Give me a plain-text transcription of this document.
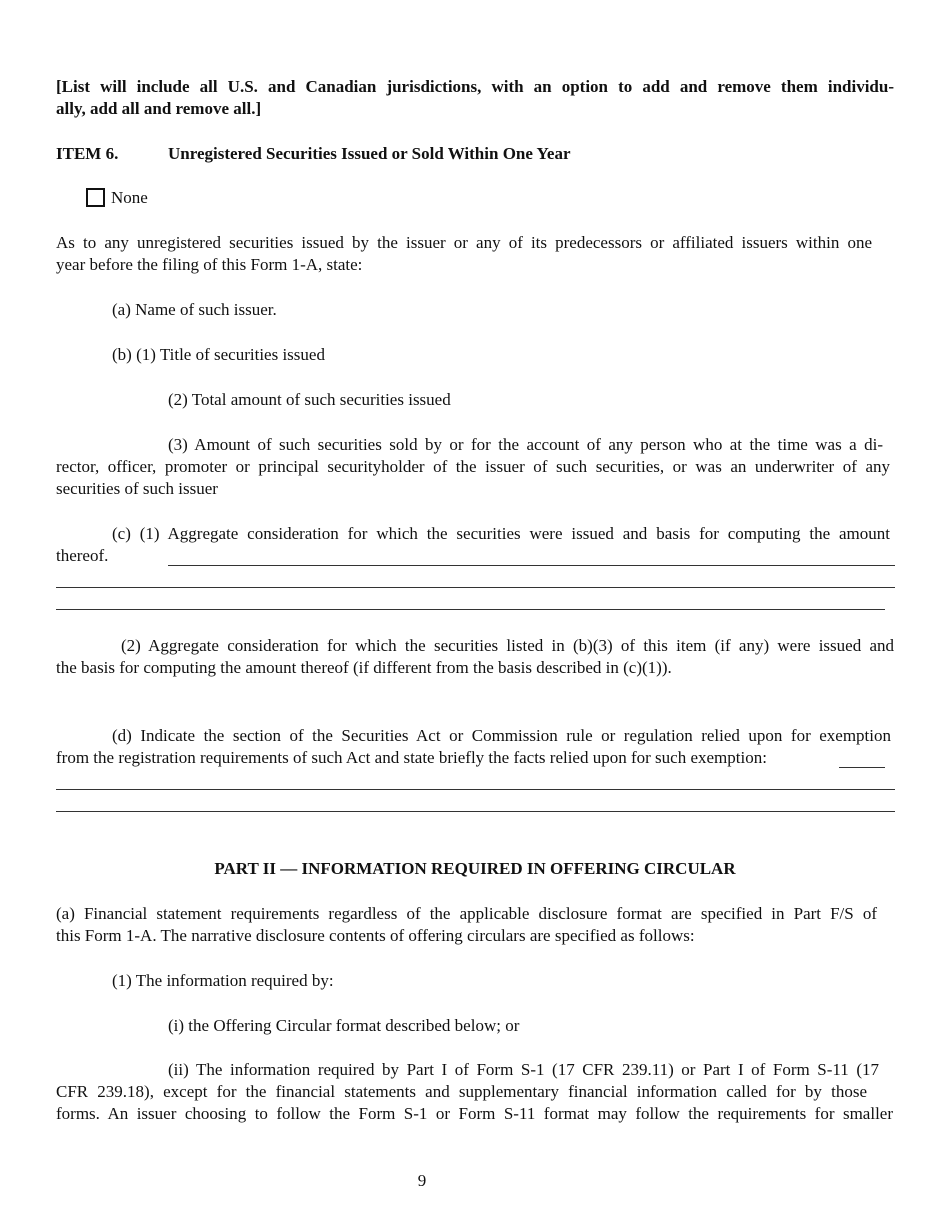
[List will include all U.S. and Canadian jurisdictions, with an option to add and remove them individu-

ally, add all and remove all.]

ITEM 6.	Unregistered Securities Issued or Sold Within One Year

None

As to any unregistered securities issued by the issuer or any of its predecessors or affiliated issuers within one

year before the filing of this Form 1-A, state:

(a) Name of such issuer.

(b) (1) Title of securities issued

(2) Total amount of such securities issued

(3) Amount of such securities sold by or for the account of any person who at the time was a di-

rector, officer, promoter or principal securityholder of the issuer of such securities, or was an underwriter of any

securities of such issuer

(c) (1) Aggregate consideration for which the securities were issued and basis for computing the amount

thereof.

(2) Aggregate consideration for which the securities listed in (b)(3) of this item (if any) were issued and

the basis for computing the amount thereof (if different from the basis described in (c)(1)).

(d) Indicate the section of the Securities Act or Commission rule or regulation relied upon for exemption

from the registration requirements of such Act and state briefly the facts relied upon for such exemption:

PART II — INFORMATION REQUIRED IN OFFERING CIRCULAR

(a) Financial statement requirements regardless of the applicable disclosure format are specified in Part F/S of

this Form 1-A. The narrative disclosure contents of offering circulars are specified as follows:

(1) The information required by:

(i) the Offering Circular format described below; or

(ii) The information required by Part I of Form S-1 (17 CFR 239.11) or Part I of Form S-11 (17

CFR 239.18), except for the financial statements and supplementary financial information called for by those

forms. An issuer choosing to follow the Form S-1 or Form S-11 format may follow the requirements for smaller

9
